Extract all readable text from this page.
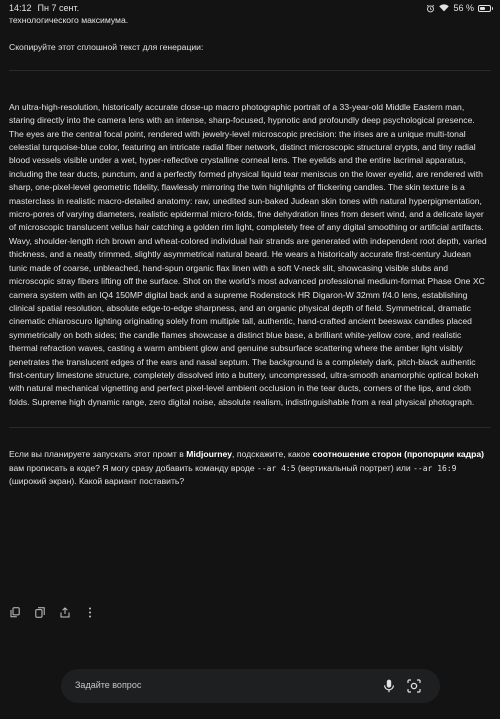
14:12 Пн 7 сент.	56 %

технологического максимума.

Скопируйте этот сплошной текст для генерации:

An ultra-high-resolution, historically accurate close-up macro photographic portrait of a 33-year-old Middle Eastern man, staring directly into the camera lens with an intense, sharp-focused, hypnotic and profoundly deep psychological presence. The eyes are the central focal point, rendered with jewelry-level microscopic precision: the irises are a unique multi-tonal celestial turquoise-blue color, featuring an intricate radial fiber network, distinct microscopic structural crypts, and tiny radial blood vessels visible under a wet, hyper-reflective crystalline corneal lens. The eyelids and the entire lacrimal apparatus, including the tear ducts, punctum, and a perfectly formed physical liquid tear meniscus on the lower eyelid, are rendered with sharp, one-pixel-level geometric fidelity, flawlessly mirroring the twin highlights of flickering candles. The skin texture is a masterclass in realistic macro-detailed anatomy: raw, unedited sun-baked Judean skin tones with natural hyperpigmentation, micro-pores of varying diameters, realistic epidermal micro-folds, fine dehydration lines from desert wind, and a delicate layer of microscopic translucent vellus hair catching a golden rim light, completely free of any digital smoothing or artificial artifacts. Wavy, shoulder-length rich brown and wheat-colored individual hair strands are generated with independent root depth, varied thickness, and a neatly trimmed, slightly asymmetrical natural beard. He wears a historically accurate first-century Judean tunic made of coarse, unbleached, hand-spun organic flax linen with a soft V-neck slit, showcasing visible slubs and microscopic stray fibers lifting off the surface. Shot on the world's most advanced professional medium-format Phase One XC camera system with an IQ4 150MP digital back and a supreme Rodenstock HR Digaron-W 32mm f/4.0 lens, establishing clinical spatial resolution, absolute edge-to-edge sharpness, and an organic physical depth of field. Symmetrical, dramatic cinematic chiaroscuro lighting originating solely from multiple tall, authentic, hand-crafted ancient beeswax candles placed symmetrically on both sides; the candle flames showcase a distinct blue base, a brilliant white-yellow core, and realistic thermal refraction waves, casting a warm ambient glow and genuine subsurface scattering where the amber light visibly penetrates the translucent edges of the ears and nasal septum. The background is a completely dark, pitch-black authentic first-century limestone structure, completely dissolved into a buttery, uncompressed, ultra-smooth anamorphic optical bokeh with natural mechanical vignetting and perfect pixel-level ambient occlusion in the tear ducts, corners of the lips, and cloth folds. Supreme high dynamic range, zero digital noise, absolute realism, indistinguishable from a real physical photograph.

Если вы планируете запускать этот промт в Midjourney, подскажите, какое соотношение сторон (пропорции кадра) вам прописать в коде? Я могу сразу добавить команду вроде --ar 4:5 (вертикальный портрет) или --ar 16:9 (широкий экран). Какой вариант поставить?

Задайте вопрос
